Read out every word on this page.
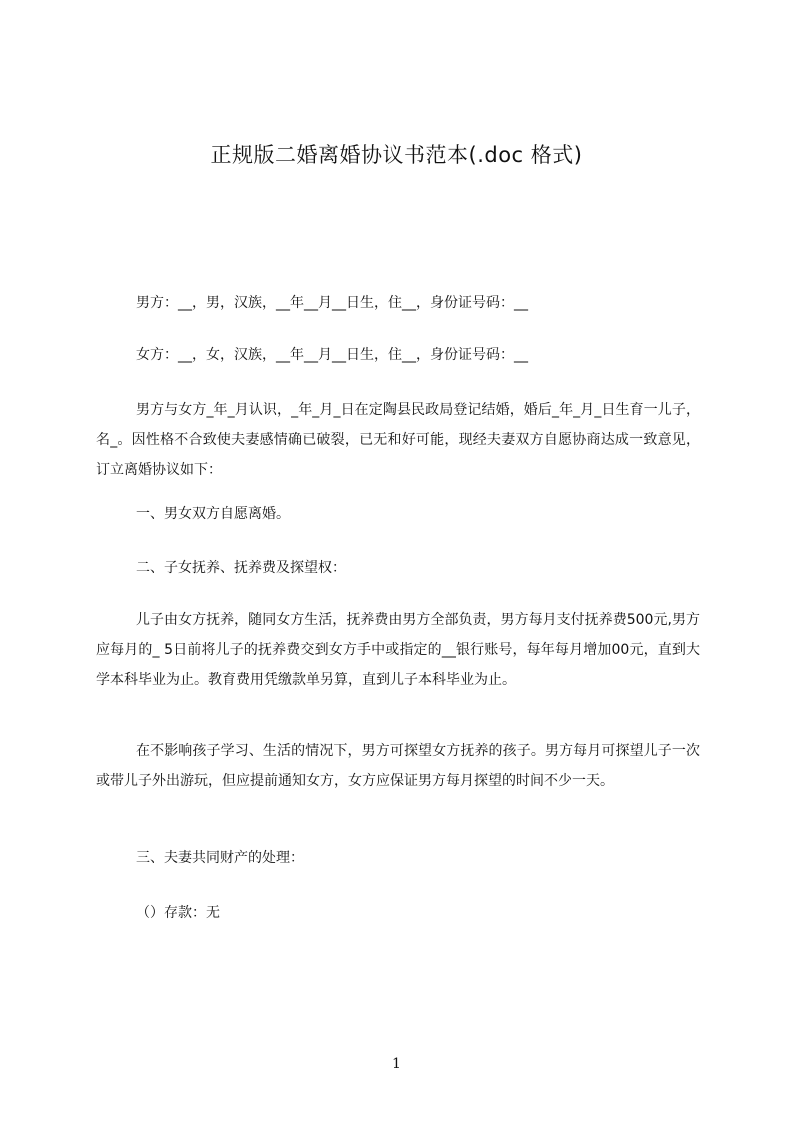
正规版二婚离婚协议书范本(.doc 格式)

男方：__，男，汉族，__年__月__日生，住__，身份证号码：__

女方：__，女，汉族，__年__月__日生，住__，身份证号码：__

男方与女方_年_月认识，_年_月_日在定陶县民政局登记结婚，婚后_年_月_日生育一儿子，名_。因性格不合致使夫妻感情确已破裂，已无和好可能，现经夫妻双方自愿协商达成一致意见，订立离婚协议如下：

一、男女双方自愿离婚。

二、子女抚养、抚养费及探望权：

儿子由女方抚养，随同女方生活，抚养费由男方全部负责，男方每月支付抚养费500元,男方应每月的_ 5日前将儿子的抚养费交到女方手中或指定的__银行账号，每年每月增加00元，直到大学本科毕业为止。教育费用凭缴款单另算，直到儿子本科毕业为止。

在不影响孩子学习、生活的情况下，男方可探望女方抚养的孩子。男方每月可探望儿子一次或带儿子外出游玩，但应提前通知女方，女方应保证男方每月探望的时间不少一天。

三、夫妻共同财产的处理：

（）存款：无

1
